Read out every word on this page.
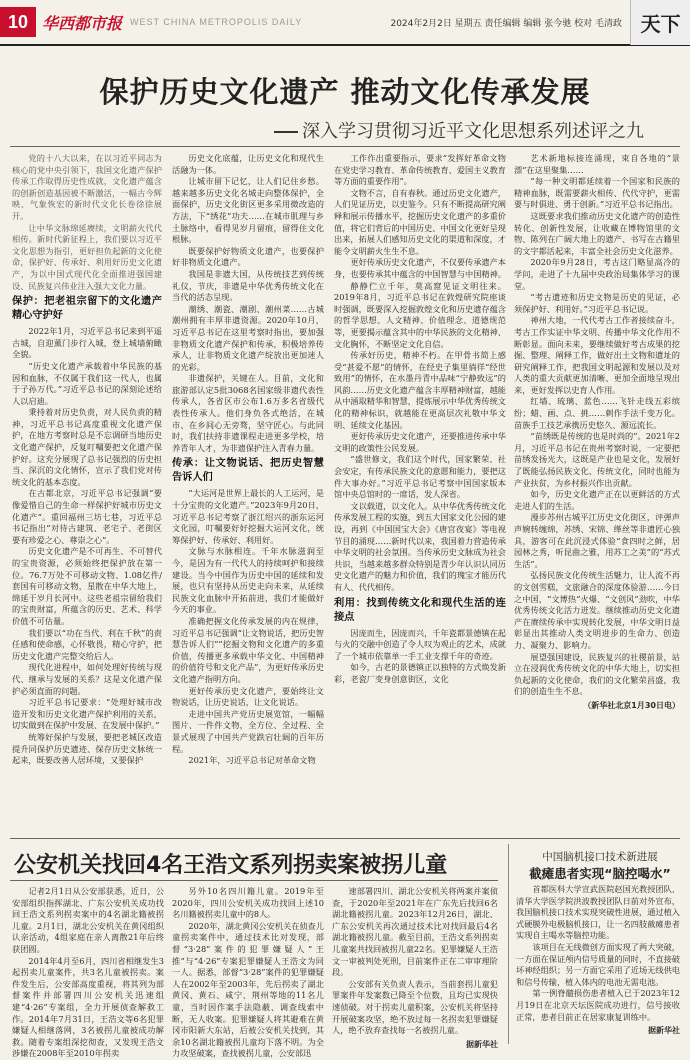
10 华西都市报 WEST CHINA METROPOLIS DAILY	2024年2月2日 星期五 责任编辑 编辑 张今驰 校对 毛清政 天下
保护历史文化遗产 推动文化传承发展
深入学习贯彻习近平文化思想系列述评之九

党的十八大以来，在以习近平同志为核心的党中央引领下，我国文化遗产保护传承工作取得历史性成就，文化遗产蕴含的创新创造基因被不断激活，一幅古今辉映、气象恢宏的新时代文化长卷徐徐展开。

让中华文脉绵延赓续，文明薪火代代相传。新时代新征程上，我们要以习近平文化思想为指引，更好担负起新的文化使命，保护好、传承好、利用好历史文化遗产，为以中国式现代化全面推进强国建设、民族复兴伟业注入强大文化力量。

保护：把老祖宗留下的文化遗产精心守护好

2022年1月，习近平总书记来到平遥古城，自迎薰门步行入城，登上城墙俯瞰全貌。

“历史文化遗产承载着中华民族的基因和血脉，不仅属于我们这一代人，也属于子孙万代。”习近平总书记的深刻论述给人以启迪。

秉持着对历史负责，对人民负责的精神，习近平总书记高度重视文化遗产保护，在地方考察时总是不忘调研当地历史文化遗产保护，反复叮嘱要把文化遗产保护好。这充分展现了总书记强烈的历史担当、深沉的文化情怀，宣示了我们党对传统文化的基本态度。

在古都北京，习近平总书记强调“要像爱惜自己的生命一样保护好城市历史文化遗产”。重回福州三坊七巷，习近平总书记指出“对待古建筑、老宅子、老街区要有珍爱之心、尊崇之心”。

历史文化遗产是不可再生、不可替代的宝贵资源，必须始终把保护放在第一位。76.7万处不可移动文物、1.08亿件/套国有可移动文物，星散在中华大地上，绵延于岁月长河中。这些老祖宗留给我们的宝贵财富，所蕴含的历史、艺术、科学价值不可估量。

我们要以“功在当代、利在千秋”的责任感和使命感，心怀敬畏，精心守护，把历史文化遗产完整交给后人。

现代化进程中，如何处理好传统与现代、继承与发展的关系？这是文化遗产保护必须直面的问题。

习近平总书记要求：“处理好城市改造开发和历史文化遗产保护利用的关系，切实做到在保护中发展、在发展中保护。”

统筹好保护与发展，要把老城区改造提升同保护历史遗迹、保存历史文脉统一起来，既要改善人居环境，又要保护

历史文化底蕴，让历史文化和现代生活融为一体。

让城市留下记忆，让人们记住乡愁。越来越多历史文化名城走向整体保护，全面保护，历史文化街区更多采用微改造的方法，下“绣花”功夫……在城市肌理与乡土脉络中，看得见岁月留痕，留得住文化根脉。

既要保护好物质文化遗产，也要保护好非物质文化遗产。

我国是非遗大国，从传统技艺到传统礼仪，节庆，非遗是中华优秀传统文化在当代的活态呈现。

潮绣、潮瓷、潮剧、潮州菜……古城潮州拥有丰厚非遗资源。2020年10月，习近平总书记在这里考察时指出，要加强非物质文化遗产保护和传承，积极培养传承人，让非物质文化遗产绽放出更加迷人的光彩。

非遗保护，关键在人。目前，文化和旅游部认定5批3068名国家级非遗代表性传承人，各省区市公布1.6万多名省级代表性传承人。他们身负各式绝活，在城市、在乡间心无旁骛，坚守匠心。与此同时，我们扶持非遗课程走进更多学校，培养青年人才，为非遗保护注入青春力量。

传承：让文物说话、把历史智慧告诉人们

“大运河是世界上最长的人工运河，是十分宝贵的文化遗产。”2023年9月20日，习近平总书记考察了浙江绍兴的浙东运河文化园，叮嘱要好好挖掘大运河文化，统筹保护好、传承好、利用好。

文脉与水脉相连。千年水脉滋润至今，是因为有一代代人的持续呵护和接续建设。当今中国作为历史中国的延续和发展，也只有坚持从历史走向未来，从延续民族文化血脉中开拓前进，我们才能做好今天的事业。

准确把握文化传承发展的内在规律，习近平总书记强调“让文物说话，把历史智慧告诉人们”“挖掘文物和文化遗产的多重价值，传播更多承载中华文化、中国精神的价值符号和文化产品”，为更好传承历史文化遗产指明方向。

更好传承历史文化遗产，要始终让文物说话，让历史说话，让文化说话。

走进中国共产党历史展览馆，一幅幅图片、一件件文物，全方位、全过程、全景式展现了中国共产党跌宕壮阔的百年历程。

2021年，习近平总书记对革命文物

工作作出重要指示，要求“发挥好革命文物在党史学习教育、革命传统教育、爱国主义教育等方面的重要作用”。

文物不言，自有春秋。通过历史文化遗产，人们见证历史，以史鉴今。只有不断提高研究阐释和展示传播水平，挖掘历史文化遗产的多重价值，将它们背后的中国历史、中国文化更好呈现出来，拓展人们感知历史文化的渠道和深度，才能令文明薪火生生不息。

更好传承历史文化遗产，不仅要传承遗产本身，也要传承其中蕴含的中国智慧与中国精神。

静静伫立千年，莫高窟见证文明往来。2019年8月，习近平总书记在敦煌研究院座谈时强调，既要深入挖掘敦煌文化和历史遗存蕴含的哲学思想、人文精神、价值理念、道德规范等，更要揭示蕴含其中的中华民族的文化精神、文化胸怀，不断坚定文化自信。

传承好历史，精神不朽。在甲骨书简上感受“甚爱不愿”的情怀，在经史子集里徜徉“经世致用”的情怀，在水墨丹青中品味“宁静致远”的风韵……历史文化遗产蕴含丰厚精神财富，越能从中涵取精华和智慧，提炼展示中华优秀传统文化的精神标识，就越能在更高层次礼敬中华文明、延续文化基因。

更好传承历史文化遗产，还要推进传承中华文明的政策性公民发展。

“盛世修文，我们这个时代，国家繁荣、社会安定，有传承民族文化的意愿和能力，要把这件大事办好。”习近平总书记考察中国国家版本馆中央总馆时的一席话，发人深省。

文以载道，以文化人。从中华优秀传统文化传承发展工程的实施，到五大国家文化公园的建设，再到《中国国宝大会》《唐宫夜宴》等电视节目的涌现……新时代以来，我国着力营造传承中华文明的社会氛围。当传承历史文脉成为社会共识，当越来越多群众特别是青少年认识认同历史文化遗产的魅力和价值，我们的瑰宝才能历代有人、代代相传。

利用：找到传统文化和现代生活的连接点

因庞而生，因庞而兴，千年瓷都景德镇在起与火的交融中创造了令人叹为观止的艺术，成就了一个城市依靠单一手工业支撑千年的奇迹。

如今，古老的景德镇正以独特的方式焕发新彩，老瓷厂变身创意街区，文化

艺术新地标接连涌现，束自各地的“景漂”在这里聚集……

“每一种文明都延续着一个国家和民族的精神血脉，既需要薪火相传、代代守护，更需要与时俱进、勇于创新。”习近平总书记指出。

这既要求我们推动历史文化遗产的创造性转化、创新性发展，让收藏在博物馆里的文物、陈列在广阔大地上的遗产、书写在古籍里的文字都活起来，丰富全社会历史文化滋养。

2020年9月28日，考古这门略显高冷的学问，走进了十九届中央政治局集体学习的课堂。

“考古遗迹和历史文物是历史的见证，必须保护好、利用好。”习近平总书记说。

神州大地，一代代考古工作者接续奋斗，考古工作实证中华文明、传播中华文化作用不断彰显。面向未来，要继续做好考古成果的挖掘、整理、阐释工作，做好出土文物和遗址的研究阐释工作，把我国文明起源和发展以及对人类的重大贡献更加清晰、更加全面地呈现出来，更好发挥以史育人作用。

红墙、琉璃、蓝色……飞针走线五彩缤纷；蜡、画、点、挑……刺作手法千变万化。苗族手工技艺承携历史悠久、源远流长。

“苗绣既是传统的也是时尚的”。2021年2月，习近平总书记在贵州考察时说，一定要把苗绣发扬光大，这既是产业也是文化，发展好了既能弘扬民族文化、传统文化，同时也能为产业扶贫，为乡村振兴作出贡献。

如今，历史文化遗产正在以更鲜活的方式走进人们的生活。

漫步苏州古城平江历史文化街区，评弹声声婉转缠绵，苏绣、宋锦、缂丝等非遗匠心独具，游客可在此沉浸式体验“食四时之鲜，居园林之秀，听昆曲之雅，用苏工之美”的“苏式生活”。

弘扬民族文化传统生活魅力，让人流不再的文创雪糕，文旅融合的深度体验游……今日之中国，“文博热”火爆、“文创风”劲吹，中华优秀传统文化活力迸发。继续推动历史文化遗产在赓续传承中实现转化发展，中华文明日益彰显出其推动人类文明进步的生命力、创造力、凝聚力、影响力。

展望强国建设，民族复兴的社稷前景，站立在浸润优秀传统文化的中华大地上，切实担负起新的文化使命，我们的文化繁荣昌盛，我们的创造生生不息。

（新华社北京1月30日电）
公安机关找回4名王浩文系列拐卖案被拐儿童

记者2月1日从公安部获悉，近日，公安部组织指挥湖北、广东公安机关成功找回王浩文系列拐卖案中的4名湖北籍被拐儿童。2月1日，湖北公安机关在黄冈组织认亲活动，4组家庭在亲人离散21年后终获团圆。

2014年4月至6月，四川省相继发生3起拐卖儿童案件，共3名儿童被拐卖。案件发生后，公安部高度重视，将其列为部督案件并部署四川公安机关迅速组建“4·26”专案组，全力开展侦查解救工作。2014年7月31日，王浩文等6名犯罪嫌疑人相继落网，3名被拐儿童被成功解救。随着专案组深挖彻查，又发现王浩文涉嫌在2008年至2010年拐卖

另外10名四川籍儿童。2019年至2020年，四川公安机关成功找回上述10名川籍被拐卖儿童中的8人。

2020年，湖北黄冈公安机关在侦查儿童拐卖案件中，通过技术比对发现，部督“3·28”案件的犯罪嫌疑人“王推”与“4·26”专案犯罪嫌疑人王浩文为同一人。据悉，部督“3·28”案件的犯罪嫌疑人在2002年至2003年，先后拐卖了湖北黄冈、黄石、咸宁、荆州等地的11名儿童，当时因作案手法隐蔽、调查线索中断，无人收案。犯罪嫌疑人将其避难在黄冈市阳新大东站，后被公安机关找到，其余10名湖北籍被拐儿童均下落不明。为全力攻坚破案，查找被拐儿童，公安部迅

速部署四川、湖北公安机关将两案并案侦查，于2020年至2021年在广东先后找回6名湖北籍被拐儿童。2023年12月26日，湖北、广东公安机关再次通过技术比对找回最后4名湖北籍被拐儿童。截至目前，王浩文系列拐卖儿童案共找回被拐儿童22名。犯罪嫌疑人王浩文一审被判处死刑，目前案件正在二审审理阶段。

公安部有关负责人表示，当前套拐儿童犯罪案件年发案数已降至个位数，且均已实现快速侦破。对于拐卖儿童积案，公安机关将坚持开展破案攻坚，绝不放过每一名拐卖犯罪嫌疑人，绝不放弃查找每一名被拐儿童。

据新华社
中国脑机接口技术新进展
截瘫患者实现“脑控喝水”

首都医科大学宣武医院赵国光教授团队、清华大学医学院洪波教授团队日前对外宣布，我国脑机接口技术实现突破性进展，通过植入式硬膜外电极脑机接口，让一名四肢截瘫患者实现自主喝水等脑控功能。

该项目在无线微创方面实现了两大突破，一方面在保证颅内信号质量的同时，不直接破坏神经组织；另一方面它采用了近场无线供电和信号传输，植入体内的电池无需电池。

第一例脊髓损伤患者植入已于2023年12月19日在北京天坛医院成功进行，信号接收正常，患者目前正在居家康复训练中。

据新华社
